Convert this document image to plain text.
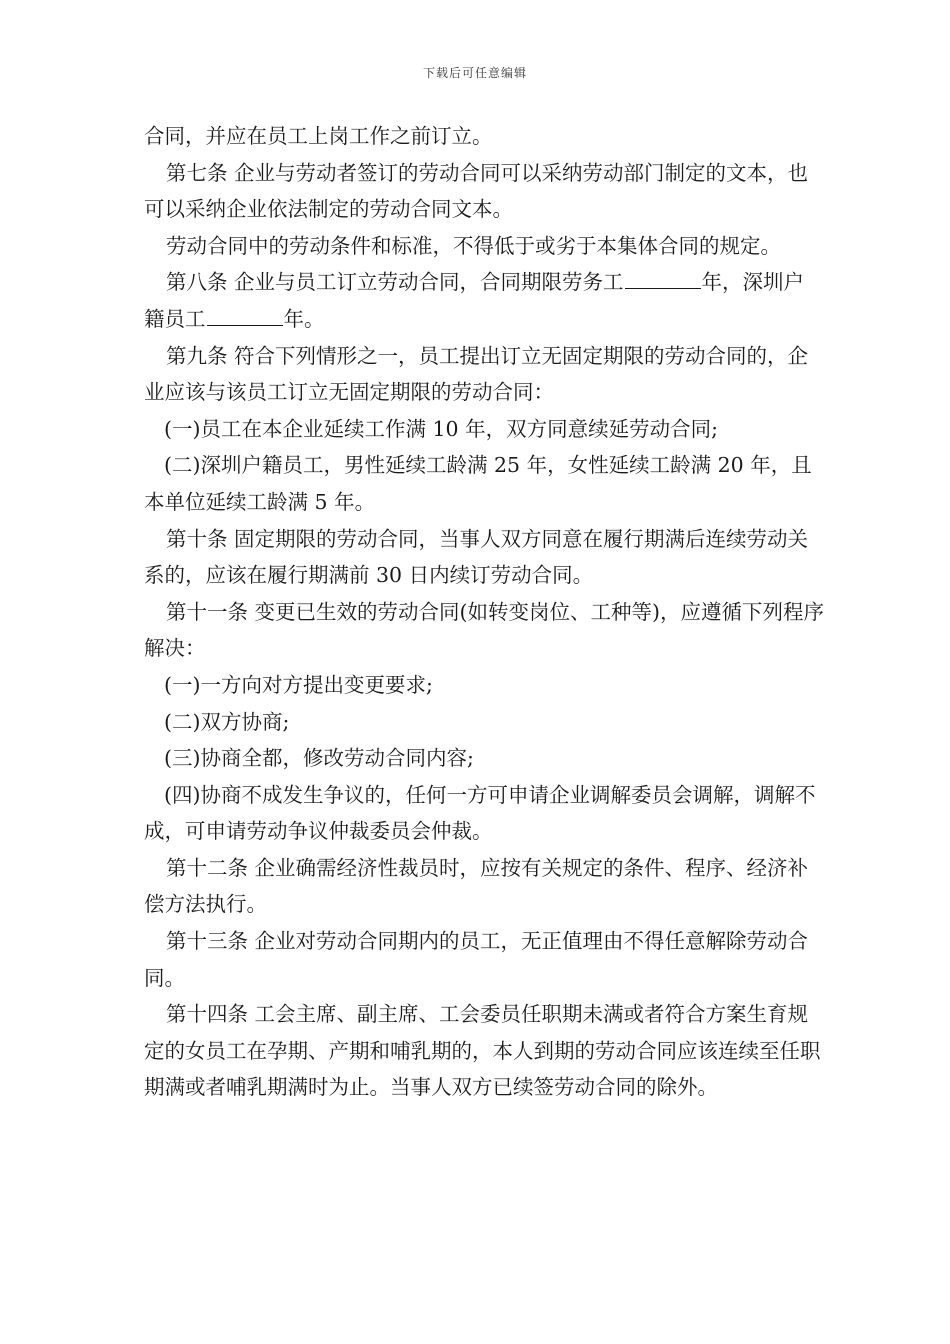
下载后可任意编辑

合同，并应在员工上岗工作之前订立。

第七条 企业与劳动者签订的劳动合同可以采纳劳动部门制定的文本，也可以采纳企业依法制定的劳动合同文本。

劳动合同中的劳动条件和标准，不得低于或劣于本集体合同的规定。

第八条 企业与员工订立劳动合同，合同期限劳务工	年，深圳户籍员工	年。

第九条 符合下列情形之一，员工提出订立无固定期限的劳动合同的，企业应该与该员工订立无固定期限的劳动合同：

(一)员工在本企业延续工作满 10 年，双方同意续延劳动合同;

(二)深圳户籍员工，男性延续工龄满 25 年，女性延续工龄满 20 年，且本单位延续工龄满 5 年。

第十条 固定期限的劳动合同，当事人双方同意在履行期满后连续劳动关系的，应该在履行期满前 30 日内续订劳动合同。

第十一条 变更已生效的劳动合同(如转变岗位、工种等)，应遵循下列程序解决：

(一)一方向对方提出变更要求;

(二)双方协商;

(三)协商全都，修改劳动合同内容;

(四)协商不成发生争议的，任何一方可申请企业调解委员会调解，调解不成，可申请劳动争议仲裁委员会仲裁。

第十二条 企业确需经济性裁员时，应按有关规定的条件、程序、经济补偿方法执行。

第十三条 企业对劳动合同期内的员工，无正值理由不得任意解除劳动合同。

第十四条 工会主席、副主席、工会委员任职期未满或者符合方案生育规定的女员工在孕期、产期和哺乳期的，本人到期的劳动合同应该连续至任职期满或者哺乳期满时为止。当事人双方已续签劳动合同的除外。
